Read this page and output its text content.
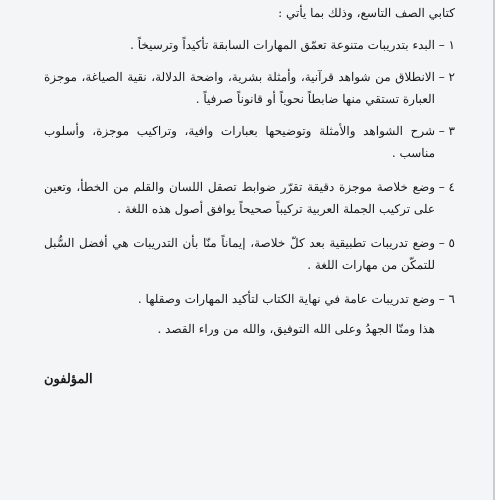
كتابي الصف التاسع، وذلك بما يأتي :
١ –
البدء بتدريبات متنوعة تعمّق المهارات السابقة تأكيداً وترسيخاً .
٢ –
الانطلاق من شواهد قرآنية، وأمثلة بشرية، واضحة الدلالة، نقية الصياغة، موجزة العبارة تستقي منها ضابطاً نحوياً أو قانوناً صرفياً .
٣ –
شرح الشواهد والأمثلة وتوضيحها بعبارات وافية، وتراكيب موجزة، وأسلوب مناسب .
٤ –
وضع خلاصة موجزة دقيقة تقرّر ضوابط تصقل اللسان والقلم من الخطأ، وتعين على تركيب الجملة العربية تركيباً صحيحاً يوافق أصول هذه اللغة .
٥ –
وضع تدريبات تطبيقية بعد كلّ خلاصة، إيماناً منّا بأن التدريبات هي أفضل السُّبل للتمكّن من مهارات اللغة .
٦ –
وضع تدريبات عامة في نهاية الكتاب لتأكيد المهارات وصقلها .
هذا ومنّا الجهدُ وعلى الله التوفيق، والله من وراء القصد .
المؤلفون
